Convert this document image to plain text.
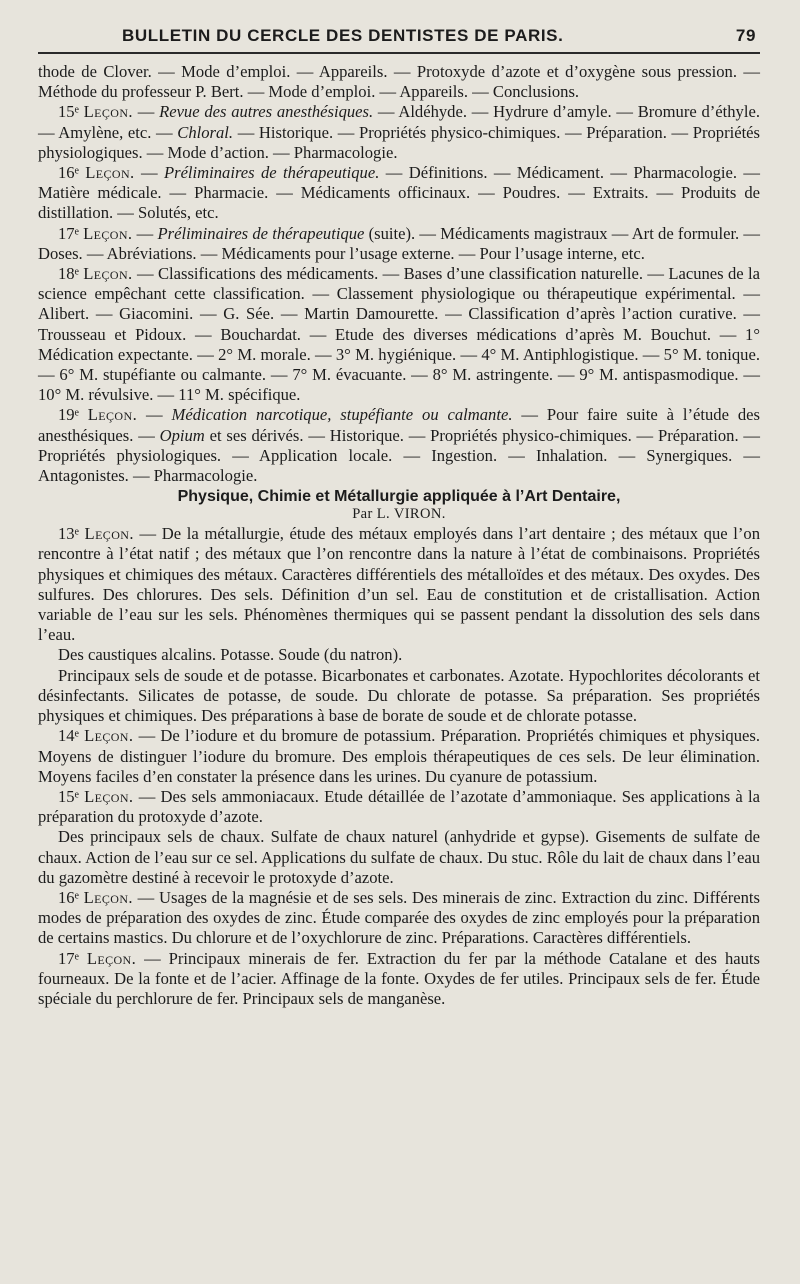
BULLETIN DU CERCLE DES DENTISTES DE PARIS.	79

thode de Clover. — Mode d’emploi. — Appareils. — Protoxyde d’azote et d’oxygène sous pression. — Méthode du professeur P. Bert. — Mode d’emploi. — Appareils. — Conclusions.

15ᵉ Leçon. — Revue des autres anesthésiques. — Aldéhyde. — Hydrure d’amyle. — Bromure d’éthyle. — Amylène, etc. — Chloral. — Historique. — Propriétés physico-chimiques. — Préparation. — Propriétés physiologiques. — Mode d’action. — Pharmacologie.

16ᵉ Leçon. — Préliminaires de thérapeutique. — Définitions. — Médicament. — Pharmacologie. — Matière médicale. — Pharmacie. — Médicaments officinaux. — Poudres. — Extraits. — Produits de distillation. — Solutés, etc.

17ᵉ Leçon. — Préliminaires de thérapeutique (suite). — Médicaments magistraux — Art de formuler. — Doses. — Abréviations. — Médicaments pour l’usage externe. — Pour l’usage interne, etc.

18ᵉ Leçon. — Classifications des médicaments. — Bases d’une classification naturelle. — Lacunes de la science empêchant cette classification. — Classement physiologique ou thérapeutique expérimental. — Alibert. — Giacomini. — G. Sée. — Martin Damourette. — Classification d’après l’action curative. — Trousseau et Pidoux. — Bouchardat. — Etude des diverses médications d’après M. Bouchut. — 1° Médication expectante. — 2° M. morale. — 3° M. hygiénique. — 4° M. Antiphlogistique. — 5° M. tonique. — 6° M. stupéfiante ou calmante. — 7° M. évacuante. — 8° M. astringente. — 9° M. antispasmodique. — 10° M. révulsive. — 11° M. spécifique.

19ᵉ Leçon. — Médication narcotique, stupéfiante ou calmante. — Pour faire suite à l’étude des anesthésiques. — Opium et ses dérivés. — Historique. — Propriétés physico-chimiques. — Préparation. — Propriétés physiologiques. — Application locale. — Ingestion. — Inhalation. — Synergiques. — Antagonistes. — Pharmacologie.

Physique, Chimie et Métallurgie appliquée à l’Art Dentaire,
Par L. VIRON.

13ᵉ Leçon. — De la métallurgie, étude des métaux employés dans l’art dentaire ; des métaux que l’on rencontre à l’état natif ; des métaux que l’on rencontre dans la nature à l’état de combinaisons. Propriétés physiques et chimiques des métaux. Caractères différentiels des métalloïdes et des métaux. Des oxydes. Des sulfures. Des chlorures. Des sels. Définition d’un sel. Eau de constitution et de cristallisation. Action variable de l’eau sur les sels. Phénomènes thermiques qui se passent pendant la dissolution des sels dans l’eau.

Des caustiques alcalins. Potasse. Soude (du natron).

Principaux sels de soude et de potasse. Bicarbonates et carbonates. Azotate. Hypochlorites décolorants et désinfectants. Silicates de potasse, de soude. Du chlorate de potasse. Sa préparation. Ses propriétés physiques et chimiques. Des préparations à base de borate de soude et de chlorate potasse.

14ᵉ Leçon. — De l’iodure et du bromure de potassium. Préparation. Propriétés chimiques et physiques. Moyens de distinguer l’iodure du bromure. Des emplois thérapeutiques de ces sels. De leur élimination. Moyens faciles d’en constater la présence dans les urines. Du cyanure de potassium.

15ᵉ Leçon. — Des sels ammoniacaux. Etude détaillée de l’azotate d’ammoniaque. Ses applications à la préparation du protoxyde d’azote.

Des principaux sels de chaux. Sulfate de chaux naturel (anhydride et gypse). Gisements de sulfate de chaux. Action de l’eau sur ce sel. Applications du sulfate de chaux. Du stuc. Rôle du lait de chaux dans l’eau du gazomètre destiné à recevoir le protoxyde d’azote.

16ᵉ Leçon. — Usages de la magnésie et de ses sels. Des minerais de zinc. Extraction du zinc. Différents modes de préparation des oxydes de zinc. Étude comparée des oxydes de zinc employés pour la préparation de certains mastics. Du chlorure et de l’oxychlorure de zinc. Préparations. Caractères différentiels.

17ᵉ Leçon. — Principaux minerais de fer. Extraction du fer par la méthode Catalane et des hauts fourneaux. De la fonte et de l’acier. Affinage de la fonte. Oxydes de fer utiles. Principaux sels de fer. Étude spéciale du perchlorure de fer. Principaux sels de manganèse.
